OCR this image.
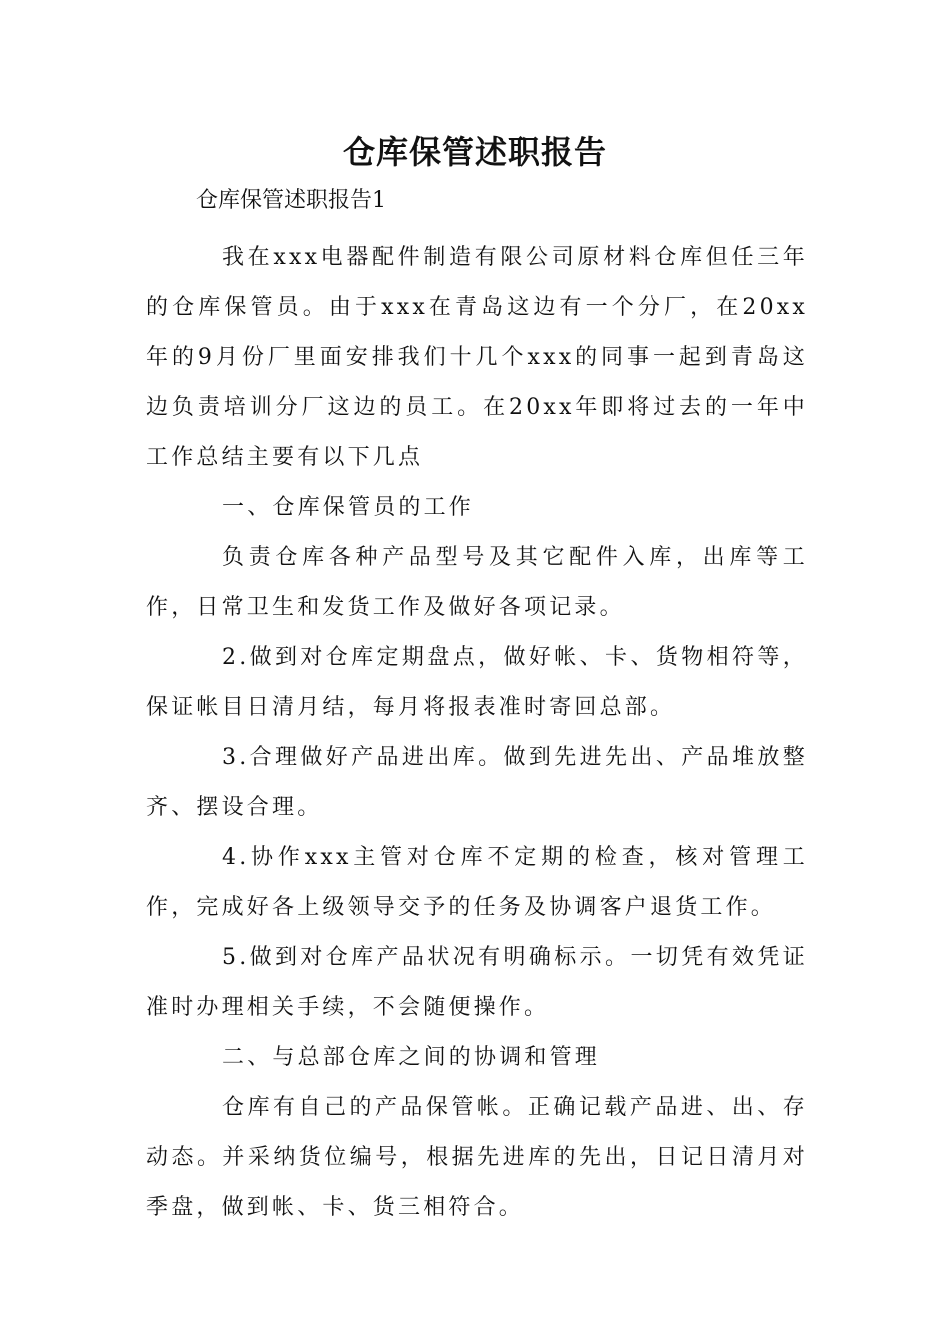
仓库保管述职报告

仓库保管述职报告1

我在xxx电器配件制造有限公司原材料仓库但任三年的仓库保管员。由于xxx在青岛这边有一个分厂，在20xx年的9月份厂里面安排我们十几个xxx的同事一起到青岛这边负责培训分厂这边的员工。在20xx年即将过去的一年中工作总结主要有以下几点

一、仓库保管员的工作

负责仓库各种产品型号及其它配件入库，出库等工作，日常卫生和发货工作及做好各项记录。

2.做到对仓库定期盘点，做好帐、卡、货物相符等，保证帐目日清月结，每月将报表准时寄回总部。

3.合理做好产品进出库。做到先进先出、产品堆放整齐、摆设合理。

4.协作xxx主管对仓库不定期的检查，核对管理工作，完成好各上级领导交予的任务及协调客户退货工作。

5.做到对仓库产品状况有明确标示。一切凭有效凭证准时办理相关手续，不会随便操作。

二、与总部仓库之间的协调和管理

仓库有自己的产品保管帐。正确记载产品进、出、存动态。并采纳货位编号，根据先进库的先出，日记日清月对季盘，做到帐、卡、货三相符合。
